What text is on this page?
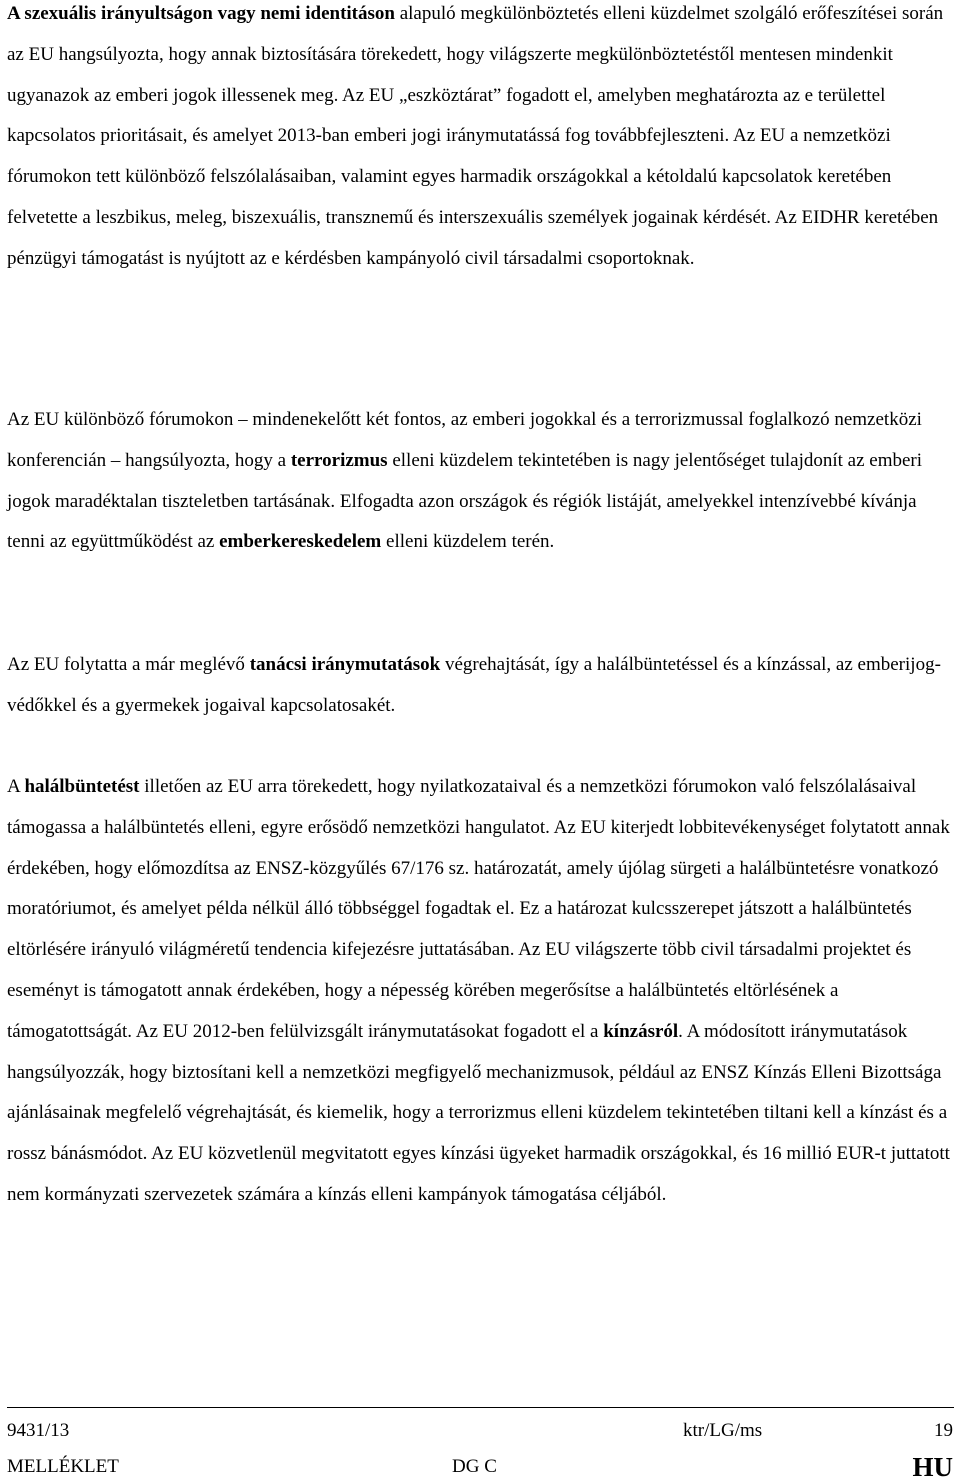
A szexuális irányultságon vagy nemi identitáson alapuló megkülönböztetés elleni küzdelmet szolgáló erőfeszítései során az EU hangsúlyozta, hogy annak biztosítására törekedett, hogy világszerte megkülönböztetéstől mentesen mindenkit ugyanazok az emberi jogok illessenek meg. Az EU „eszköztárat” fogadott el, amelyben meghatározta az e területtel kapcsolatos prioritásait, és amelyet 2013-ban emberi jogi iránymutatássá fog továbbfejleszteni. Az EU a nemzetközi fórumokon tett különböző felszólalásaiban, valamint egyes harmadik országokkal a kétoldalú kapcsolatok keretében felvetette a leszbikus, meleg, biszexuális, transznemű és interszexuális személyek jogainak kérdését. Az EIDHR keretében pénzügyi támogatást is nyújtott az e kérdésben kampányoló civil társadalmi csoportoknak.

Az EU különböző fórumokon – mindenekelőtt két fontos, az emberi jogokkal és a terrorizmussal foglalkozó nemzetközi konferencián – hangsúlyozta, hogy a terrorizmus elleni küzdelem tekintetében is nagy jelentőséget tulajdonít az emberi jogok maradéktalan tiszteletben tartásának. Elfogadta azon országok és régiók listáját, amelyekkel intenzívebbé kívánja tenni az együttműködést az emberkereskedelem elleni küzdelem terén.

Az EU folytatta a már meglévő tanácsi iránymutatások végrehajtását, így a halálbüntetéssel és a kínzással, az emberijog-védőkkel és a gyermekek jogaival kapcsolatosakét.

A halálbüntetést illetően az EU arra törekedett, hogy nyilatkozataival és a nemzetközi fórumokon való felszólalásaival támogassa a halálbüntetés elleni, egyre erősödő nemzetközi hangulatot. Az EU kiterjedt lobbitevékenységet folytatott annak érdekében, hogy előmozdítsa az ENSZ-közgyűlés 67/176 sz. határozatát, amely újólag sürgeti a halálbüntetésre vonatkozó moratóriumot, és amelyet példa nélkül álló többséggel fogadtak el. Ez a határozat kulcsszerepet játszott a halálbüntetés eltörlésére irányuló világméretű tendencia kifejezésre juttatásában. Az EU világszerte több civil társadalmi projektet és eseményt is támogatott annak érdekében, hogy a népesség körében megerősítse a halálbüntetés eltörlésének a támogatottságát. Az EU 2012-ben felülvizsgált iránymutatásokat fogadott el a kínzásról. A módosított iránymutatások hangsúlyozzák, hogy biztosítani kell a nemzetközi megfigyelő mechanizmusok, például az ENSZ Kínzás Elleni Bizottsága ajánlásainak megfelelő végrehajtását, és kiemelik, hogy a terrorizmus elleni küzdelem tekintetében tiltani kell a kínzást és a rossz bánásmódot. Az EU közvetlenül megvitatott egyes kínzási ügyeket harmadik országokkal, és 16 millió EUR-t juttatott nem kormányzati szervezetek számára a kínzás elleni kampányok támogatása céljából.

9431/13	ktr/LG/ms	19
MELLÉKLET	DG C	HU
